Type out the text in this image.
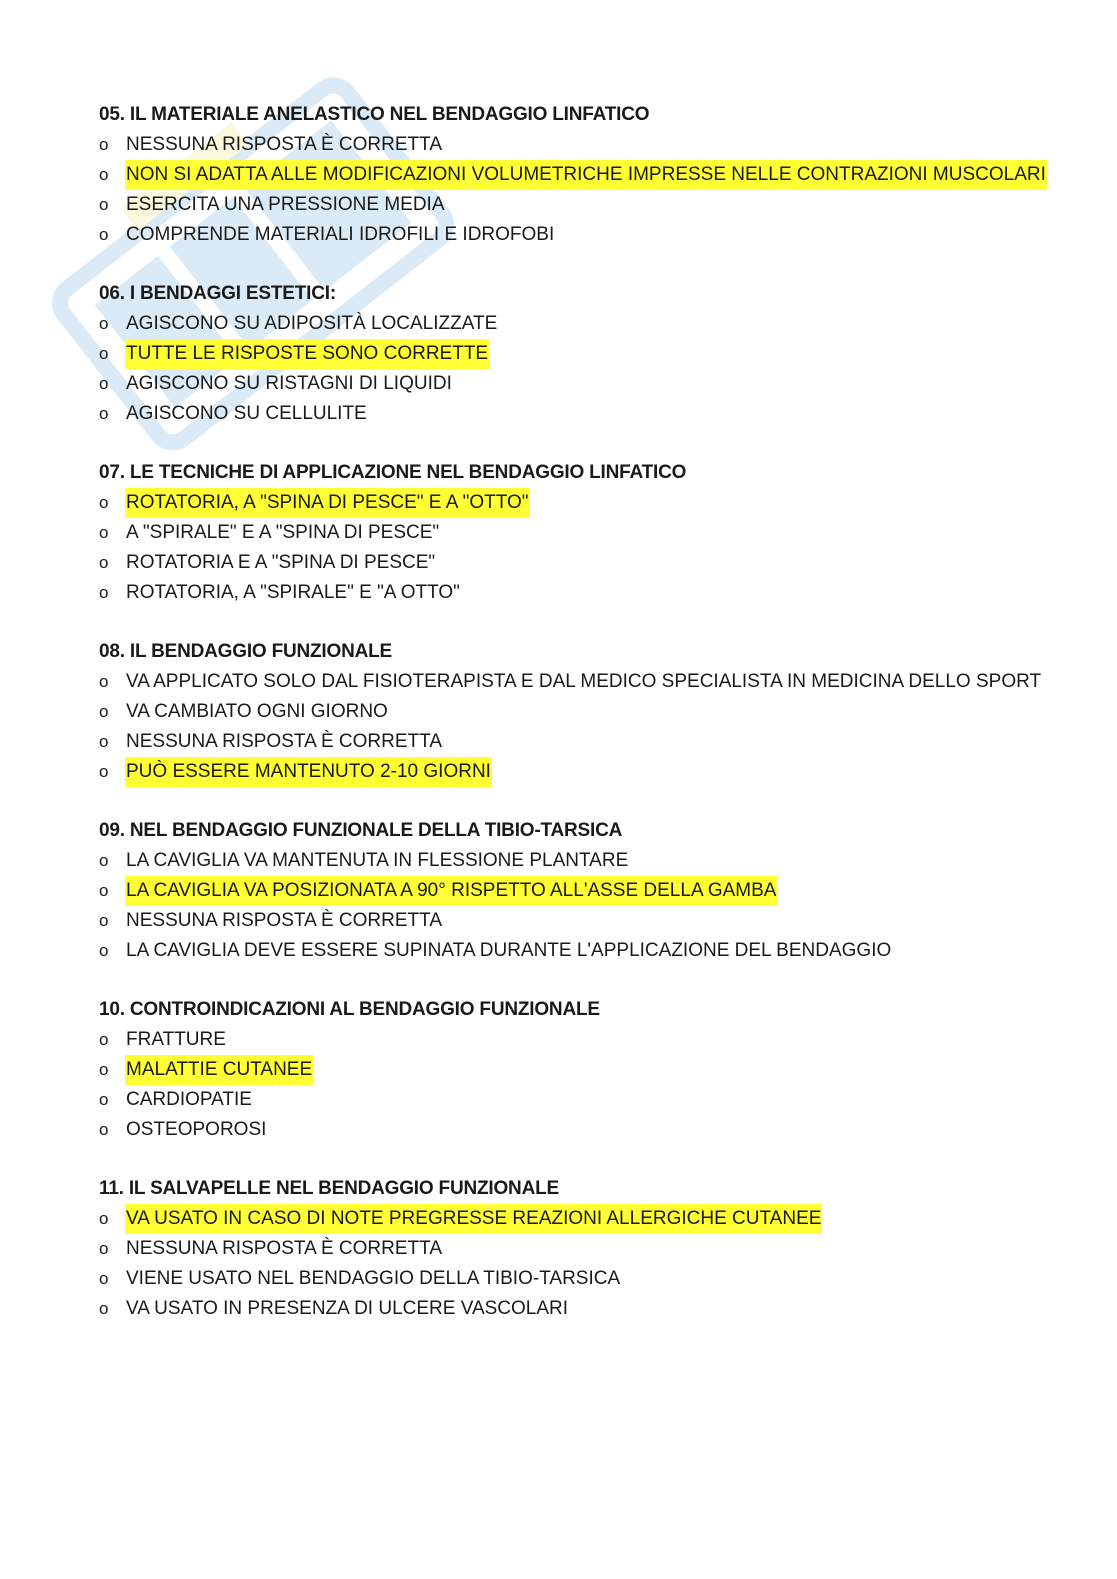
05. IL MATERIALE ANELASTICO NEL BENDAGGIO LINFATICO
o NESSUNA RISPOSTA È CORRETTA
o NON SI ADATTA ALLE MODIFICAZIONI VOLUMETRICHE IMPRESSE NELLE CONTRAZIONI MUSCOLARI
o ESERCITA UNA PRESSIONE MEDIA
o COMPRENDE MATERIALI IDROFILI E IDROFOBI
06. I BENDAGGI ESTETICI:
o AGISCONO SU ADIPOSITÀ LOCALIZZATE
o TUTTE LE RISPOSTE SONO CORRETTE
o AGISCONO SU RISTAGNI DI LIQUIDI
o AGISCONO SU CELLULITE
07. LE TECNICHE DI APPLICAZIONE NEL BENDAGGIO LINFATICO
o ROTATORIA, A "SPINA DI PESCE" E A "OTTO"
o A "SPIRALE" E A "SPINA DI PESCE"
o ROTATORIA E A "SPINA DI PESCE"
o ROTATORIA, A "SPIRALE" E "A OTTO"
08. IL BENDAGGIO FUNZIONALE
o VA APPLICATO SOLO DAL FISIOTERAPISTA E DAL MEDICO SPECIALISTA IN MEDICINA DELLO SPORT
o VA CAMBIATO OGNI GIORNO
o NESSUNA RISPOSTA È CORRETTA
o PUÒ ESSERE MANTENUTO 2-10 GIORNI
09. NEL BENDAGGIO FUNZIONALE DELLA TIBIO-TARSICA
o LA CAVIGLIA VA MANTENUTA IN FLESSIONE PLANTARE
o LA CAVIGLIA VA POSIZIONATA A 90° RISPETTO ALL'ASSE DELLA GAMBA
o NESSUNA RISPOSTA È CORRETTA
o LA CAVIGLIA DEVE ESSERE SUPINATA DURANTE L'APPLICAZIONE DEL BENDAGGIO
10. CONTROINDICAZIONI AL BENDAGGIO FUNZIONALE
o FRATTURE
o MALATTIE CUTANEE
o CARDIOPATIE
o OSTEOPOROSI
11. IL SALVAPELLE NEL BENDAGGIO FUNZIONALE
o VA USATO IN CASO DI NOTE PREGRESSE REAZIONI ALLERGICHE CUTANEE
o NESSUNA RISPOSTA È CORRETTA
o VIENE USATO NEL BENDAGGIO DELLA TIBIO-TARSICA
o VA USATO IN PRESENZA DI ULCERE VASCOLARI
